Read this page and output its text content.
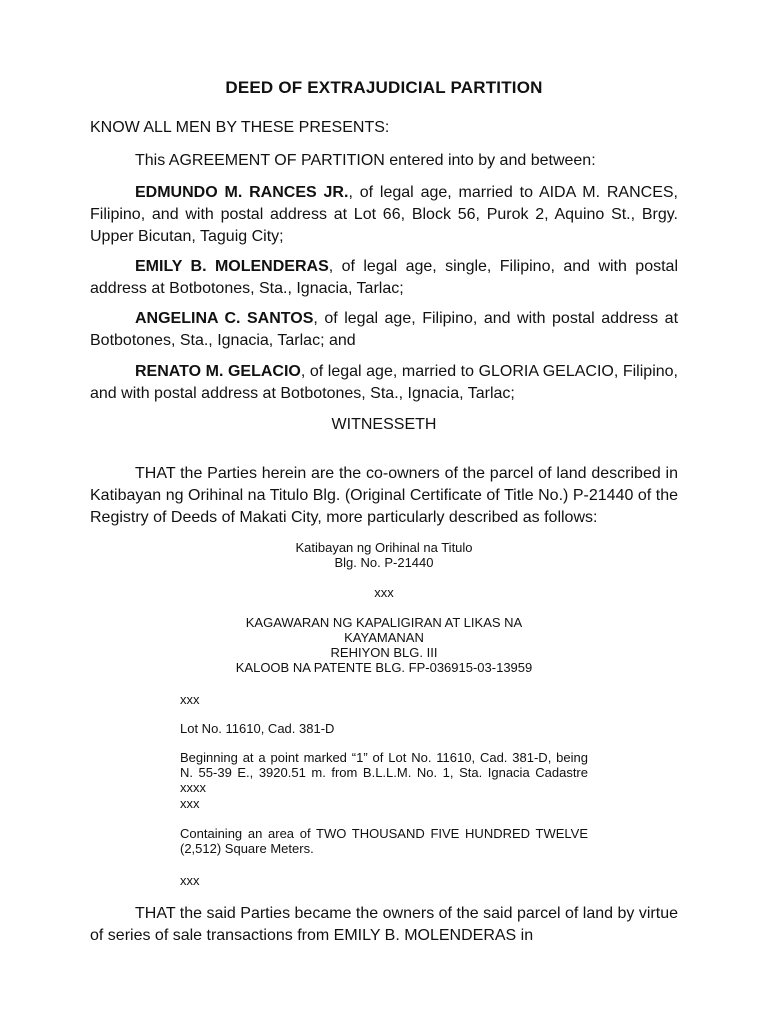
DEED OF EXTRAJUDICIAL PARTITION
KNOW ALL MEN BY THESE PRESENTS:
This AGREEMENT OF PARTITION entered into by and between:
EDMUNDO M. RANCES JR., of legal age, married to AIDA M. RANCES, Filipino, and with postal address at Lot 66, Block 56, Purok 2, Aquino St., Brgy. Upper Bicutan, Taguig City;
EMILY B. MOLENDERAS, of legal age, single, Filipino, and with postal address at Botbotones, Sta., Ignacia, Tarlac;
ANGELINA C. SANTOS, of legal age, Filipino, and with postal address at Botbotones, Sta., Ignacia, Tarlac; and
RENATO M. GELACIO, of legal age, married to GLORIA GELACIO, Filipino, and with postal address at Botbotones, Sta., Ignacia, Tarlac;
WITNESSETH
THAT the Parties herein are the co-owners of the parcel of land described in Katibayan ng Orihinal na Titulo Blg. (Original Certificate of Title No.) P-21440 of the Registry of Deeds of Makati City, more particularly described as follows:
Katibayan ng Orihinal na Titulo
Blg. No. P-21440
xxx
KAGAWARAN NG KAPALIGIRAN AT LIKAS NA
KAYAMANAN
REHIYON BLG. III
KALOOB NA PATENTE BLG. FP-036915-03-13959
xxx
Lot No. 11610, Cad. 381-D
Beginning at a point marked “1” of Lot No. 11610, Cad. 381-D, being N. 55-39 E., 3920.51 m. from B.L.L.M. No. 1, Sta. Ignacia Cadastre xxxx
xxx
Containing an area of TWO THOUSAND FIVE HUNDRED TWELVE (2,512) Square Meters.
xxx
THAT the said Parties became the owners of the said parcel of land by virtue of series of sale transactions from EMILY B. MOLENDERAS in
